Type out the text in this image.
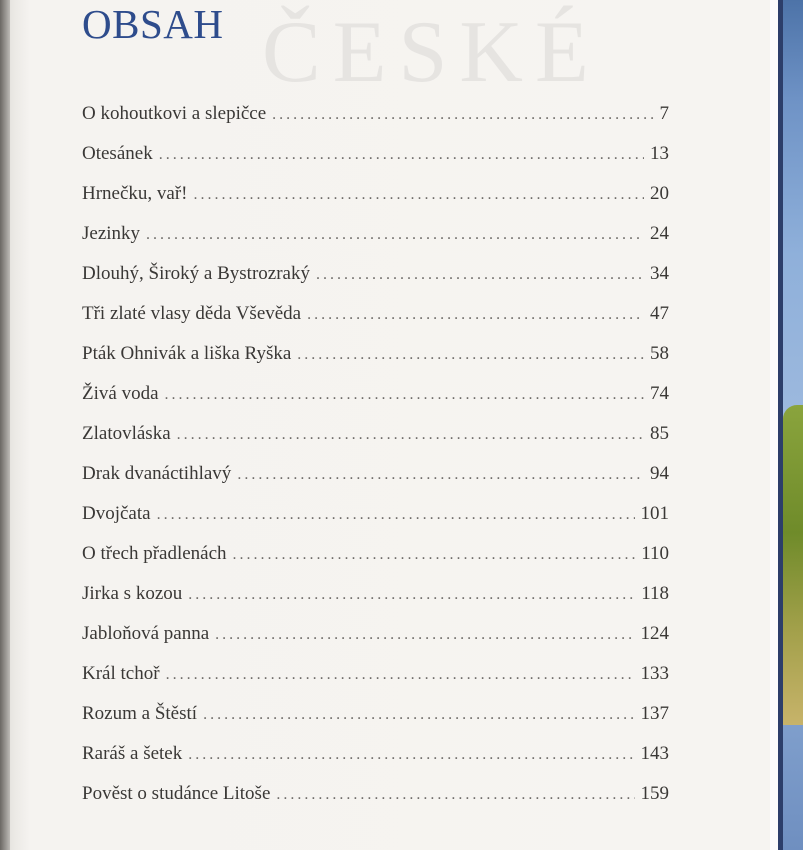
ČESKÉ
OBSAH
O kohoutkovi a slepičce .....	7
Otesánek .....	13
Hrnečku, vař! .....	20
Jezinky .....	24
Dlouhý, Široký a Bystrozraký .....	34
Tři zlaté vlasy děda Vševěda .....	47
Pták Ohnivák a liška Ryška .....	58
Živá voda .....	74
Zlatovláska .....	85
Drak dvanáctihlavý .....	94
Dvojčata .....	101
O třech přadlenách .....	110
Jirka s kozou .....	118
Jabloňová panna .....	124
Král tchoř .....	133
Rozum a Štěstí .....	137
Raráš a šetek .....	143
Pověst o studánce Litoše .....	159
